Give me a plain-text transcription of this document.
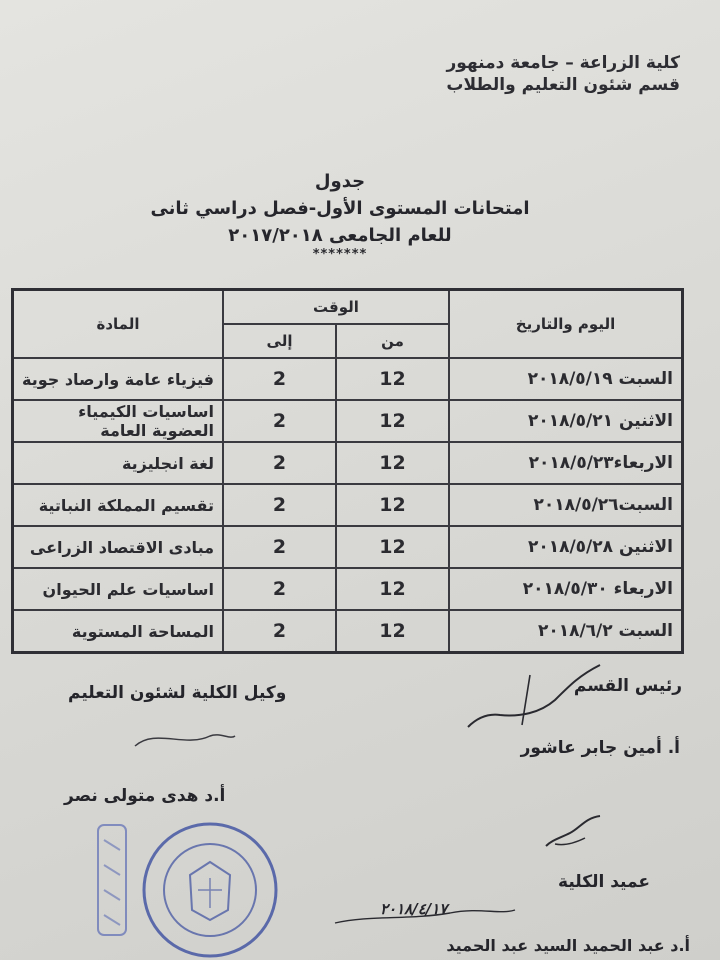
كلية الزراعة – جامعة دمنهور
قسم شئون التعليم والطلاب
جدول
امتحانات المستوى الأول-فصل دراسي ثانى
للعام الجامعى ٢٠١٧/٢٠١٨
*******
اليوم والتاريخ	الوقت		المادة
	من	إلى	
السبت ٢٠١٨/٥/١٩	12	2	فيزياء عامة وارصاد جوية
الاثنين ٢٠١٨/٥/٢١	12	2	اساسيات الكيمياء العضوية العامة
الاربعاء٢٠١٨/٥/٢٣	12	2	لغة انجليزية
السبت٢٠١٨/٥/٢٦	12	2	تقسيم المملكة النباتية
الاثنين ٢٠١٨/٥/٢٨	12	2	مبادى الاقتصاد الزراعى
الاربعاء ٢٠١٨/٥/٣٠	12	2	اساسيات علم الحيوان
السبت ٢٠١٨/٦/٢	12	2	المساحة المستوية
رئيس القسم
أ. أمين جابر عاشور
وكيل الكلية لشئون التعليم
أ.د هدى متولى نصر
عميد الكلية
٢٠١٨/٤/١٧
أ.د عبد الحميد السيد عبد الحميد
